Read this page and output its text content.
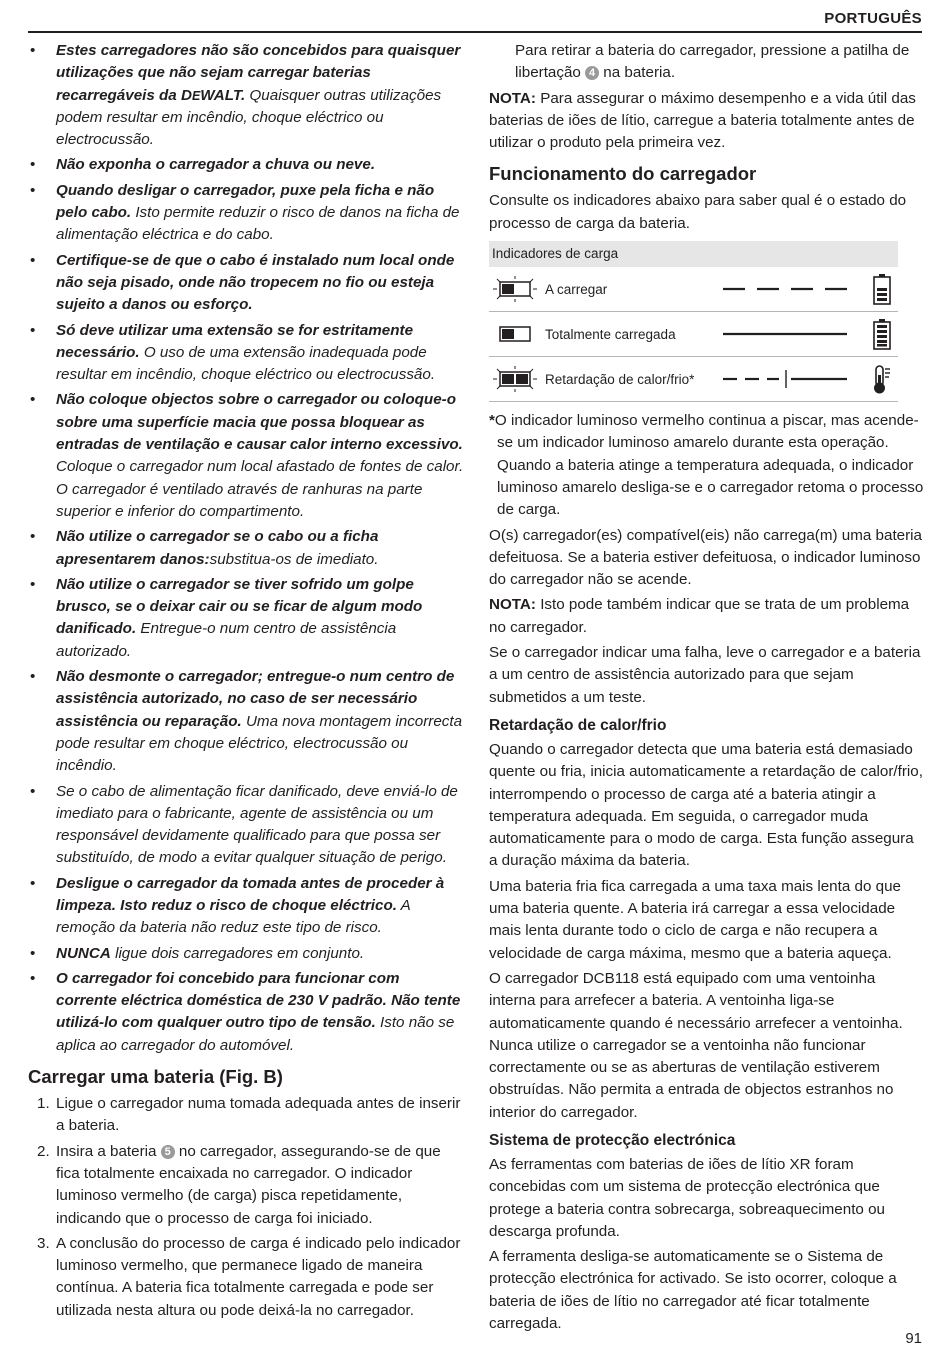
PORTUGUÊS
• Estes carregadores não são concebidos para quaisquer utilizações que não sejam carregar baterias recarregáveis da DEWALT. Quaisquer outras utilizações podem resultar em incêndio, choque eléctrico ou electrocussão.
• Não exponha o carregador a chuva ou neve.
• Quando desligar o carregador, puxe pela ficha e não pelo cabo. Isto permite reduzir o risco de danos na ficha de alimentação eléctrica e do cabo.
• Certifique-se de que o cabo é instalado num local onde não seja pisado, onde não tropecem no fio ou esteja sujeito a danos ou esforço.
• Só deve utilizar uma extensão se for estritamente necessário. O uso de uma extensão inadequada pode resultar em incêndio, choque eléctrico ou electrocussão.
• Não coloque objectos sobre o carregador ou coloque-o sobre uma superfície macia que possa bloquear as entradas de ventilação e causar calor interno excessivo. Coloque o carregador num local afastado de fontes de calor. O carregador é ventilado através de ranhuras na parte superior e inferior do compartimento.
• Não utilize o carregador se o cabo ou a ficha apresentarem danos:substitua-os de imediato.
• Não utilize o carregador se tiver sofrido um golpe brusco, se o deixar cair ou se ficar de algum modo danificado. Entregue-o num centro de assistência autorizado.
• Não desmonte o carregador; entregue-o num centro de assistência autorizado, no caso de ser necessário assistência ou reparação. Uma nova montagem incorrecta pode resultar em choque eléctrico, electrocussão ou incêndio.
• Se o cabo de alimentação ficar danificado, deve enviá-lo de imediato para o fabricante, agente de assistência ou um responsável devidamente qualificado para que possa ser substituído, de modo a evitar qualquer situação de perigo.
• Desligue o carregador da tomada antes de proceder à limpeza. Isto reduz o risco de choque eléctrico. A remoção da bateria não reduz este tipo de risco.
• NUNCA ligue dois carregadores em conjunto.
• O carregador foi concebido para funcionar com corrente eléctrica doméstica de 230 V padrão. Não tente utilizá-lo com qualquer outro tipo de tensão. Isto não se aplica ao carregador do automóvel.
Carregar uma bateria (Fig. B)
1. Ligue o carregador numa tomada adequada antes de inserir a bateria.
2. Insira a bateria 5 no carregador, assegurando-se de que fica totalmente encaixada no carregador. O indicador luminoso vermelho (de carga) pisca repetidamente, indicando que o processo de carga foi iniciado.
3. A conclusão do processo de carga é indicado pelo indicador luminoso vermelho, que permanece ligado de maneira contínua. A bateria fica totalmente carregada e pode ser utilizada nesta altura ou pode deixá-la no carregador.

Para retirar a bateria do carregador, pressione a patilha de libertação 4 na bateria.

NOTA: Para assegurar o máximo desempenho e a vida útil das baterias de iões de lítio, carregue a bateria totalmente antes de utilizar o produto pela primeira vez.

Funcionamento do carregador

Consulte os indicadores abaixo para saber qual é o estado do processo de carga da bateria.

Indicadores de carga
A carregar
Totalmente carregada
Retardação de calor/frio*

*O indicador luminoso vermelho continua a piscar, mas acende-se um indicador luminoso amarelo durante esta operação. Quando a bateria atinge a temperatura adequada, o indicador luminoso amarelo desliga-se e o carregador retoma o processo de carga.

O(s) carregador(es) compatível(eis) não carrega(m) uma bateria defeituosa. Se a bateria estiver defeituosa, o indicador luminoso do carregador não se acende.

NOTA: Isto pode também indicar que se trata de um problema no carregador.

Se o carregador indicar uma falha, leve o carregador e a bateria a um centro de assistência autorizado para que sejam submetidos a um teste.

Retardação de calor/frio

Quando o carregador detecta que uma bateria está demasiado quente ou fria, inicia automaticamente a retardação de calor/frio, interrompendo o processo de carga até a bateria atingir a temperatura adequada. Em seguida, o carregador muda automaticamente para o modo de carga. Esta função assegura a duração máxima da bateria.

Uma bateria fria fica carregada a uma taxa mais lenta do que uma bateria quente. A bateria irá carregar a essa velocidade mais lenta durante todo o ciclo de carga e não recupera a velocidade de carga máxima, mesmo que a bateria aqueça.

O carregador DCB118 está equipado com uma ventoinha interna para arrefecer a bateria. A ventoinha liga-se automaticamente quando é necessário arrefecer a ventoinha. Nunca utilize o carregador se a ventoinha não funcionar correctamente ou se as aberturas de ventilação estiverem obstruídas. Não permita a entrada de objectos estranhos no interior do carregador.

Sistema de protecção electrónica

As ferramentas com baterias de iões de lítio XR foram concebidas com um sistema de protecção electrónica que protege a bateria contra sobrecarga, sobreaquecimento ou descarga profunda.

A ferramenta desliga-se automaticamente se o Sistema de protecção electrónica for activado. Se isto ocorrer, coloque a bateria de iões de lítio no carregador até ficar totalmente carregada.

91
